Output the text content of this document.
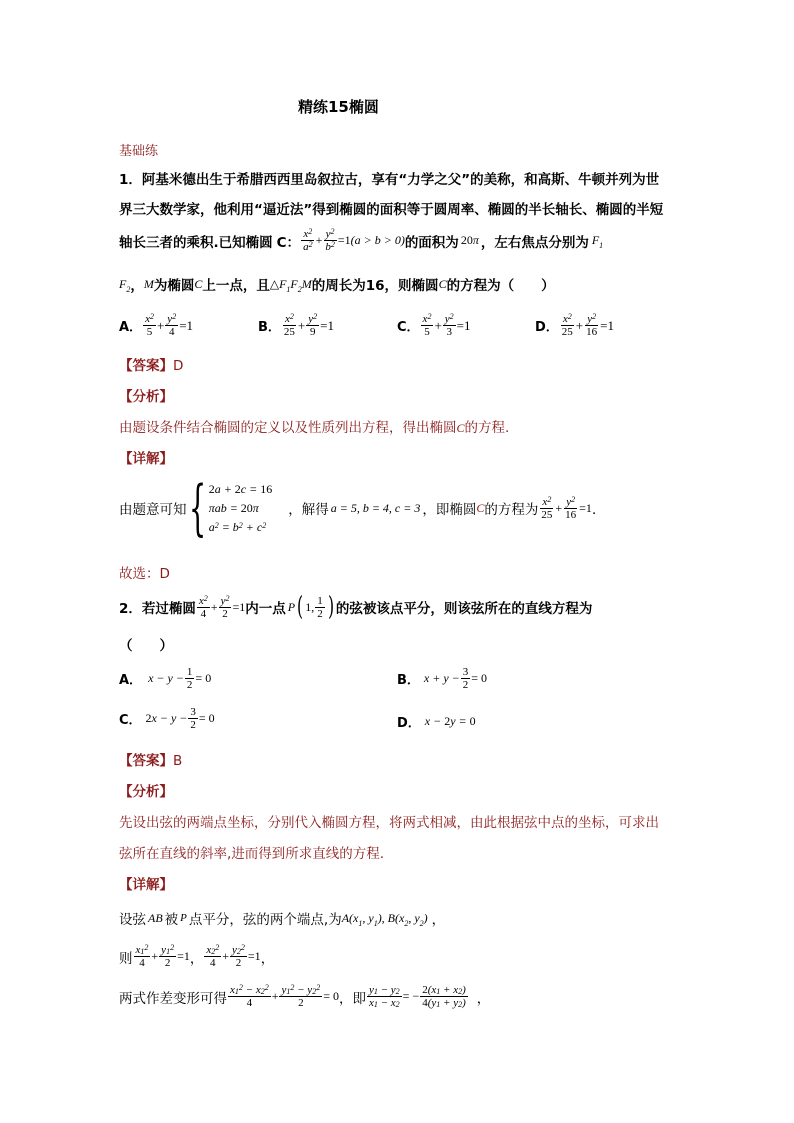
精练15椭圆
基础练
1．阿基米德出生于希腊西西里岛叙拉古，享有“力学之父”的美称，和高斯、牛顿并列为世
界三大数学家，他利用“逼近法”得到椭圆的面积等于圆周率、椭圆的半长轴长、椭圆的半短
轴长三者的乘积.已知椭圆 C： $\frac{x^2}{a^2} + \frac{y^2}{b^2} =1$ (a > b > 0) 的面积为 20π ，左右焦点分别为 $F_1$
$F_2$ ， M 为椭圆 C 上一点，且 $\triangle F_1F_2M$ 的周长为16，则椭圆 C 的方程为（　　）
A． $\frac{x^2}{5} + \frac{y^2}{4} =1$	B． $\frac{x^2}{25} + \frac{y^2}{9} =1$	C． $\frac{x^2}{5} + \frac{y^2}{3} =1$	D． $\frac{x^2}{25} + \frac{y^2}{16} =1$
【答案】D
【分析】
由题设条件结合椭圆的定义以及性质列出方程，得出椭圆C的方程.
【详解】
由题意可知 { 2a + 2c = 16
πab = 20π
$a^2 = b^2 + c^2$
，解得 a = 5, b = 4, c = 3 ，即椭圆 C 的方程为 $\frac{x^2}{25} + \frac{y^2}{16} =1$ ．
故选：D
2．若过椭圆 $\frac{x^2}{4} + \frac{y^2}{2} =1$ 内一点 P ( 1, $\frac{1}{2}$ ) 的弦被该点平分，则该弦所在的直线方程为
（　　）
A． $x - y - \frac{1}{2} = 0$	B． $x + y - \frac{3}{2} = 0$
C． $2x - y - \frac{3}{2} = 0$	D． x − 2y = 0
【答案】B
【分析】
先设出弦的两端点坐标，分别代入椭圆方程，将两式相减，由此根据弦中点的坐标，可求出
弦所在直线的斜率,进而得到所求直线的方程.
【详解】
设弦 AB 被 P 点平分，弦的两个端点,为 $A(x_1$, $y_1$), $B(x_2$, $y_2$) ，
则 $\frac{x_1^2}{4} + \frac{y_1^2}{2} =1$ ， $\frac{x_2^2}{4} + \frac{y_2^2}{2} =1$ ，
两式作差变形可得 $\frac{x_1^2 - x_2^2}{4} + \frac{y_1^2 - y_2^2}{2} = 0$ ，即 $\frac{y_1 - y_2}{x_1 - x_2}$ = − $\frac{2(x_1 + x_2)}{4(y_1 + y_2)}$ ，
